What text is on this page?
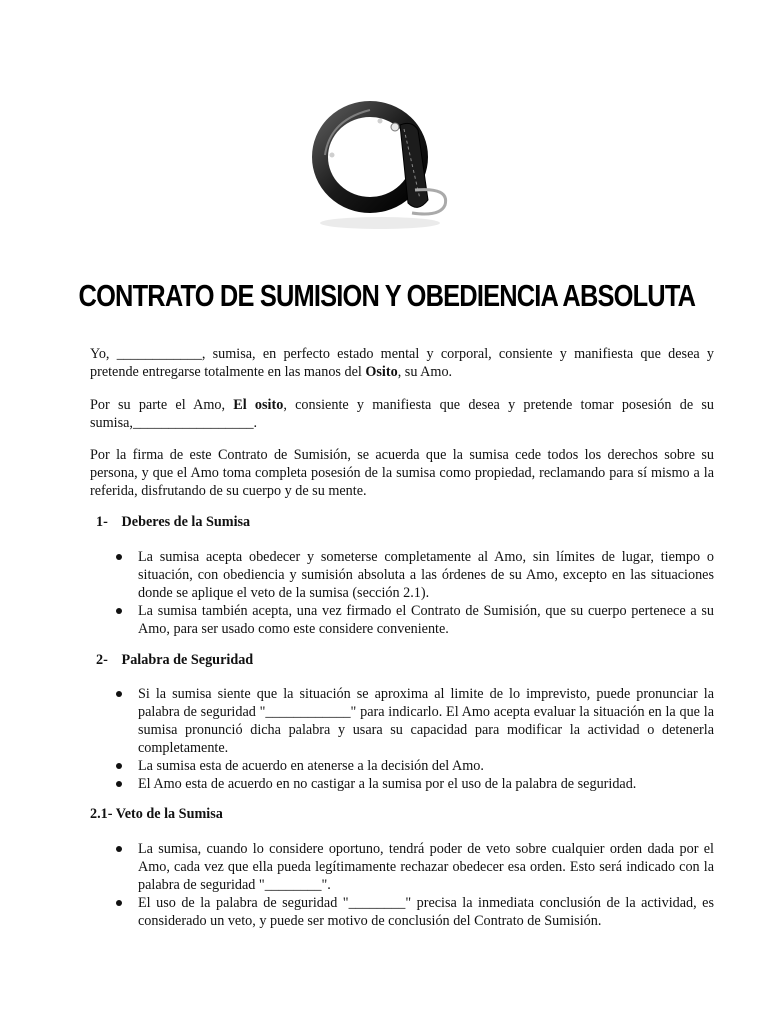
CONTRATO DE SUMISION Y OBEDIENCIA ABSOLUTA
Yo, ____________, sumisa, en perfecto estado mental y corporal, consiente y manifiesta que desea y pretende entregarse totalmente en las manos del Osito, su Amo.
Por su parte el Amo, El osito, consiente y manifiesta que desea y pretende tomar posesión de su sumisa,_________________.
Por la firma de este Contrato de Sumisión, se acuerda que la sumisa cede todos los derechos sobre su persona, y que el Amo toma completa posesión de la sumisa como propiedad, reclamando para sí mismo a la referida, disfrutando de su cuerpo y de su mente.
1- Deberes de la Sumisa
La sumisa acepta obedecer y someterse completamente al Amo, sin límites de lugar, tiempo o situación, con obediencia y sumisión absoluta a las órdenes de su Amo, excepto en las situaciones donde se aplique el veto de la sumisa (sección 2.1).
La sumisa también acepta, una vez firmado el Contrato de Sumisión, que su cuerpo pertenece a su Amo, para ser usado como este considere conveniente.
2- Palabra de Seguridad
Si la sumisa siente que la situación se aproxima al limite de lo imprevisto, puede pronunciar la palabra de seguridad "____________" para indicarlo. El Amo acepta evaluar la situación en la que la sumisa pronunció dicha palabra y usara su capacidad para modificar la actividad o detenerla completamente.
La sumisa esta de acuerdo en atenerse a la decisión del Amo.
El Amo esta de acuerdo en no castigar a la sumisa por el uso de la palabra de seguridad.
2.1- Veto de la Sumisa
La sumisa, cuando lo considere oportuno, tendrá poder de veto sobre cualquier orden dada por el Amo, cada vez que ella pueda legítimamente rechazar obedecer esa orden. Esto será indicado con la palabra de seguridad "________".
El uso de la palabra de seguridad "________" precisa la inmediata conclusión de la actividad, es considerado un veto, y puede ser motivo de conclusión del Contrato de Sumisión.
